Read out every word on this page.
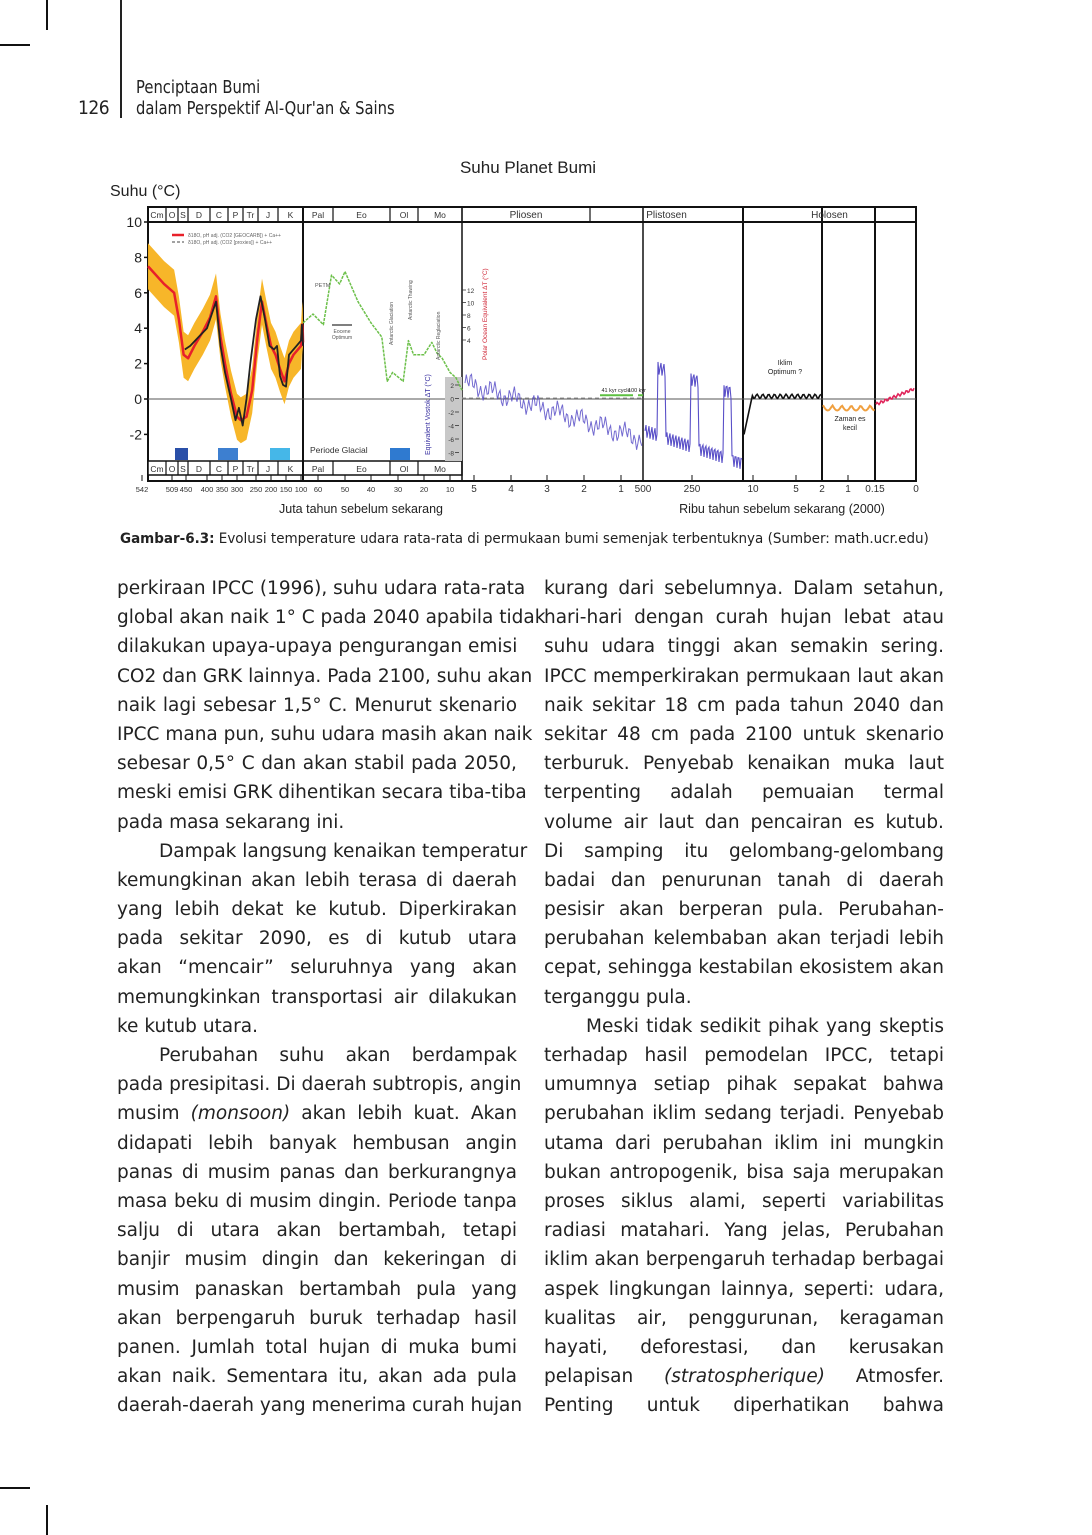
126
Penciptaan Bumi
dalam Perspektif Al-Qur'an & Sains
Cm O S D C P Tr J K Pal	Eo	Ol	Mo	Pliosen	Plistosen	Holosen
Cm O S D C P Tr J K Pal	Eo	Ol	Mo
10
8
6
4
2
0
-2
542 509 450 400 350 300 250 200 150 100 60 50 40 30 20 10 5	4	3	2	1 500	250	10	5 2 1 0.15	0
Periode Glacial
δ18O, pH adj. (CO2 [GEOCARB]) + Ca++
δ18O, pH adj. (CO2 [proxies]) + Ca++
41 kyr cycle
100 kyr
Iklim
Optimum ?
Zaman es
kecil
PETM
Eocene
Optimum	Antarctic Glaciation
Antarctic Thawing
Antarctic Reglaciation
12
10
8
6
4 Polar Ocean Equivalent ΔT (°C)
2
0
-2
-4
-6
-8
Equivalent Vostok ΔT (°C)
Suhu Planet Bumi
Suhu (°C)
Juta tahun sebelum sekarang	Ribu tahun sebelum sekarang (2000)
Gambar-6.3: Evolusi temperature udara rata-rata di permukaan bumi semenjak terbentuknya (Sumber: math.ucr.edu)
perkiraan IPCC (1996), suhu udara rata-rata
global akan naik 1° C pada 2040 apabila tidak
dilakukan upaya-upaya pengurangan emisi
CO2 dan GRK lainnya. Pada 2100, suhu akan
naik lagi sebesar 1,5° C. Menurut skenario
IPCC mana pun, suhu udara masih akan naik
sebesar 0,5° C dan akan stabil pada 2050,
meski emisi GRK dihentikan secara tiba-tiba
pada masa sekarang ini.
Dampak langsung kenaikan temperatur
kemungkinan akan lebih terasa di daerah
yang lebih dekat ke kutub. Diperkirakan
pada sekitar 2090, es di kutub utara
akan “mencair” seluruhnya yang akan
memungkinkan transportasi air dilakukan
ke kutub utara.
Perubahan suhu akan berdampak
pada presipitasi. Di daerah subtropis, angin
musim (monsoon) akan lebih kuat. Akan
didapati lebih banyak hembusan angin
panas di musim panas dan berkurangnya
masa beku di musim dingin. Periode tanpa
salju di utara akan bertambah, tetapi
banjir musim dingin dan kekeringan di
musim panaskan bertambah pula yang
akan berpengaruh buruk terhadap hasil
panen. Jumlah total hujan di muka bumi
akan naik. Sementara itu, akan ada pula
daerah-daerah yang menerima curah hujan
kurang dari sebelumnya. Dalam setahun,
hari-hari dengan curah hujan lebat atau
suhu udara tinggi akan semakin sering.
IPCC memperkirakan permukaan laut akan
naik sekitar 18 cm pada tahun 2040 dan
sekitar 48 cm pada 2100 untuk skenario
terburuk. Penyebab kenaikan muka laut
terpenting adalah pemuaian termal
volume air laut dan pencairan es kutub.
Di samping itu gelombang-gelombang
badai dan penurunan tanah di daerah
pesisir akan berperan pula. Perubahan-
perubahan kelembaban akan terjadi lebih
cepat, sehingga kestabilan ekosistem akan
terganggu pula.
Meski tidak sedikit pihak yang skeptis
terhadap hasil pemodelan IPCC, tetapi
umumnya setiap pihak sepakat bahwa
perubahan iklim sedang terjadi. Penyebab
utama dari perubahan iklim ini mungkin
bukan antropogenik, bisa saja merupakan
proses siklus alami, seperti variabilitas
radiasi matahari. Yang jelas, Perubahan
iklim akan berpengaruh terhadap berbagai
aspek lingkungan lainnya, seperti: udara,
kualitas air, penggurunan, keragaman
hayati, deforestasi, dan kerusakan
pelapisan (stratospherique) Atmosfer.
Penting untuk diperhatikan bahwa
